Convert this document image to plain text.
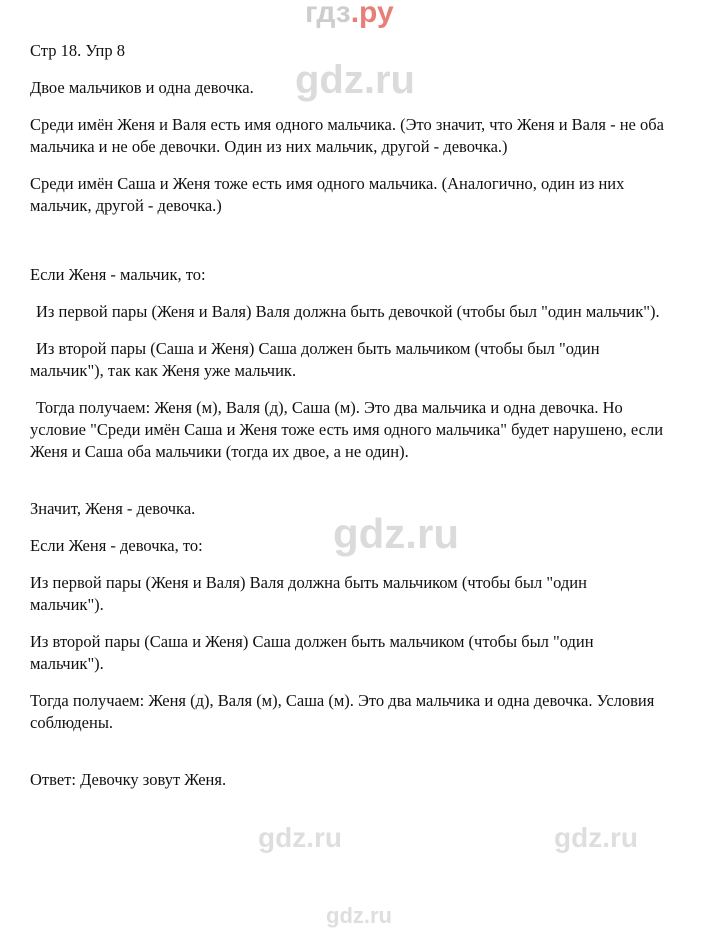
гдз.ру
gdz.ru
gdz.ru
gdz.ru	gdz.ru
gdz.ru

Стр 18. Упр 8

Двое мальчиков и одна девочка.

Среди имён Женя и Валя есть имя одного мальчика. (Это значит, что Женя и Валя - не оба мальчика и не обе девочки. Один из них мальчик, другой - девочка.)

Среди имён Саша и Женя тоже есть имя одного мальчика. (Аналогично, один из них мальчик, другой - девочка.)

Если Женя - мальчик, то:

Из первой пары (Женя и Валя) Валя должна быть девочкой (чтобы был "один мальчик").

Из второй пары (Саша и Женя) Саша должен быть мальчиком (чтобы был "один мальчик"), так как Женя уже мальчик.

Тогда получаем: Женя (м), Валя (д), Саша (м). Это два мальчика и одна девочка. Но условие "Среди имён Саша и Женя тоже есть имя одного мальчика" будет нарушено, если Женя и Саша оба мальчики (тогда их двое, а не один).

Значит, Женя - девочка.

Если Женя - девочка, то:

Из первой пары (Женя и Валя) Валя должна быть мальчиком (чтобы был "один мальчик").

Из второй пары (Саша и Женя) Саша должен быть мальчиком (чтобы был "один мальчик").

Тогда получаем: Женя (д), Валя (м), Саша (м). Это два мальчика и одна девочка. Условия соблюдены.

Ответ: Девочку зовут Женя.
